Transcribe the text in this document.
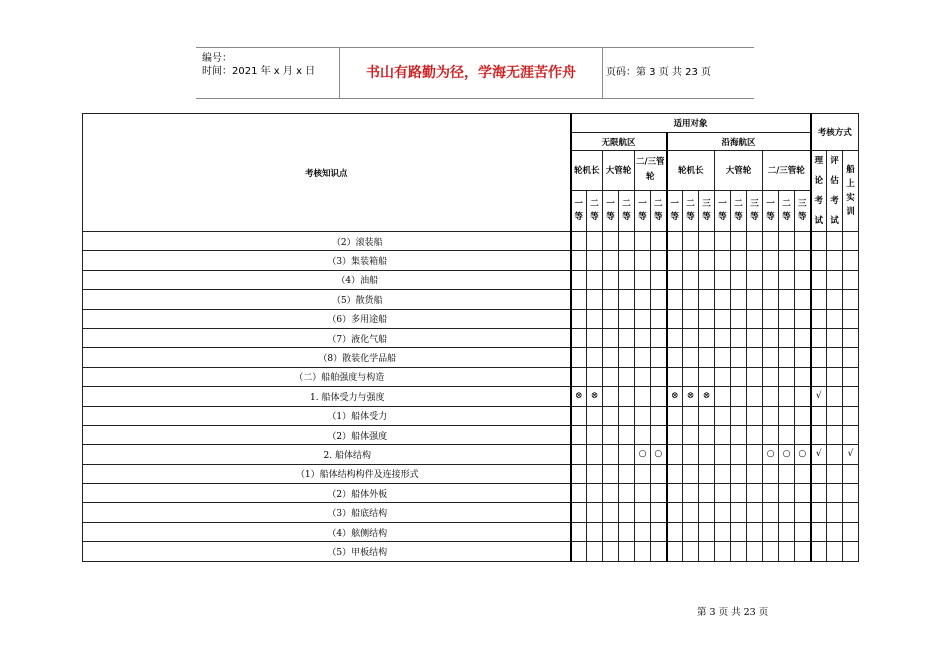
编号：
时间：2021 年 x 月 x 日	书山有路勤为径，学海无涯苦作舟	页码：第 3 页 共 23 页
考核知识点	适用对象															考核方式		
	无限航区						沿海航区											
	轮机长		大管轮		二/三管轮		轮机长			大管轮			二/三管轮			理论考试	评估考试	船上实训
	一等	二等	一等	二等	一等	二等	一等	二等	三等	一等	二等	三等	一等	二等	三等			
（2）滚装船																		
（3）集装箱船																		
（4）油船																		
（5）散货船																		
（6）多用途船																		
（7）液化气船																		
（8）散装化学品船																		
（二）船舶强度与构造																		
1. 船体受力与强度	⊗	⊗					⊗	⊗	⊗							√		
（1）船体受力																		
（2）船体强度																		
2. 船体结构					○	○							○	○	○	√		√
（1）船体结构构件及连接形式																		
（2）船体外板																		
（3）船底结构																		
（4）舷侧结构																		
（5）甲板结构																		
第 3 页 共 23 页
